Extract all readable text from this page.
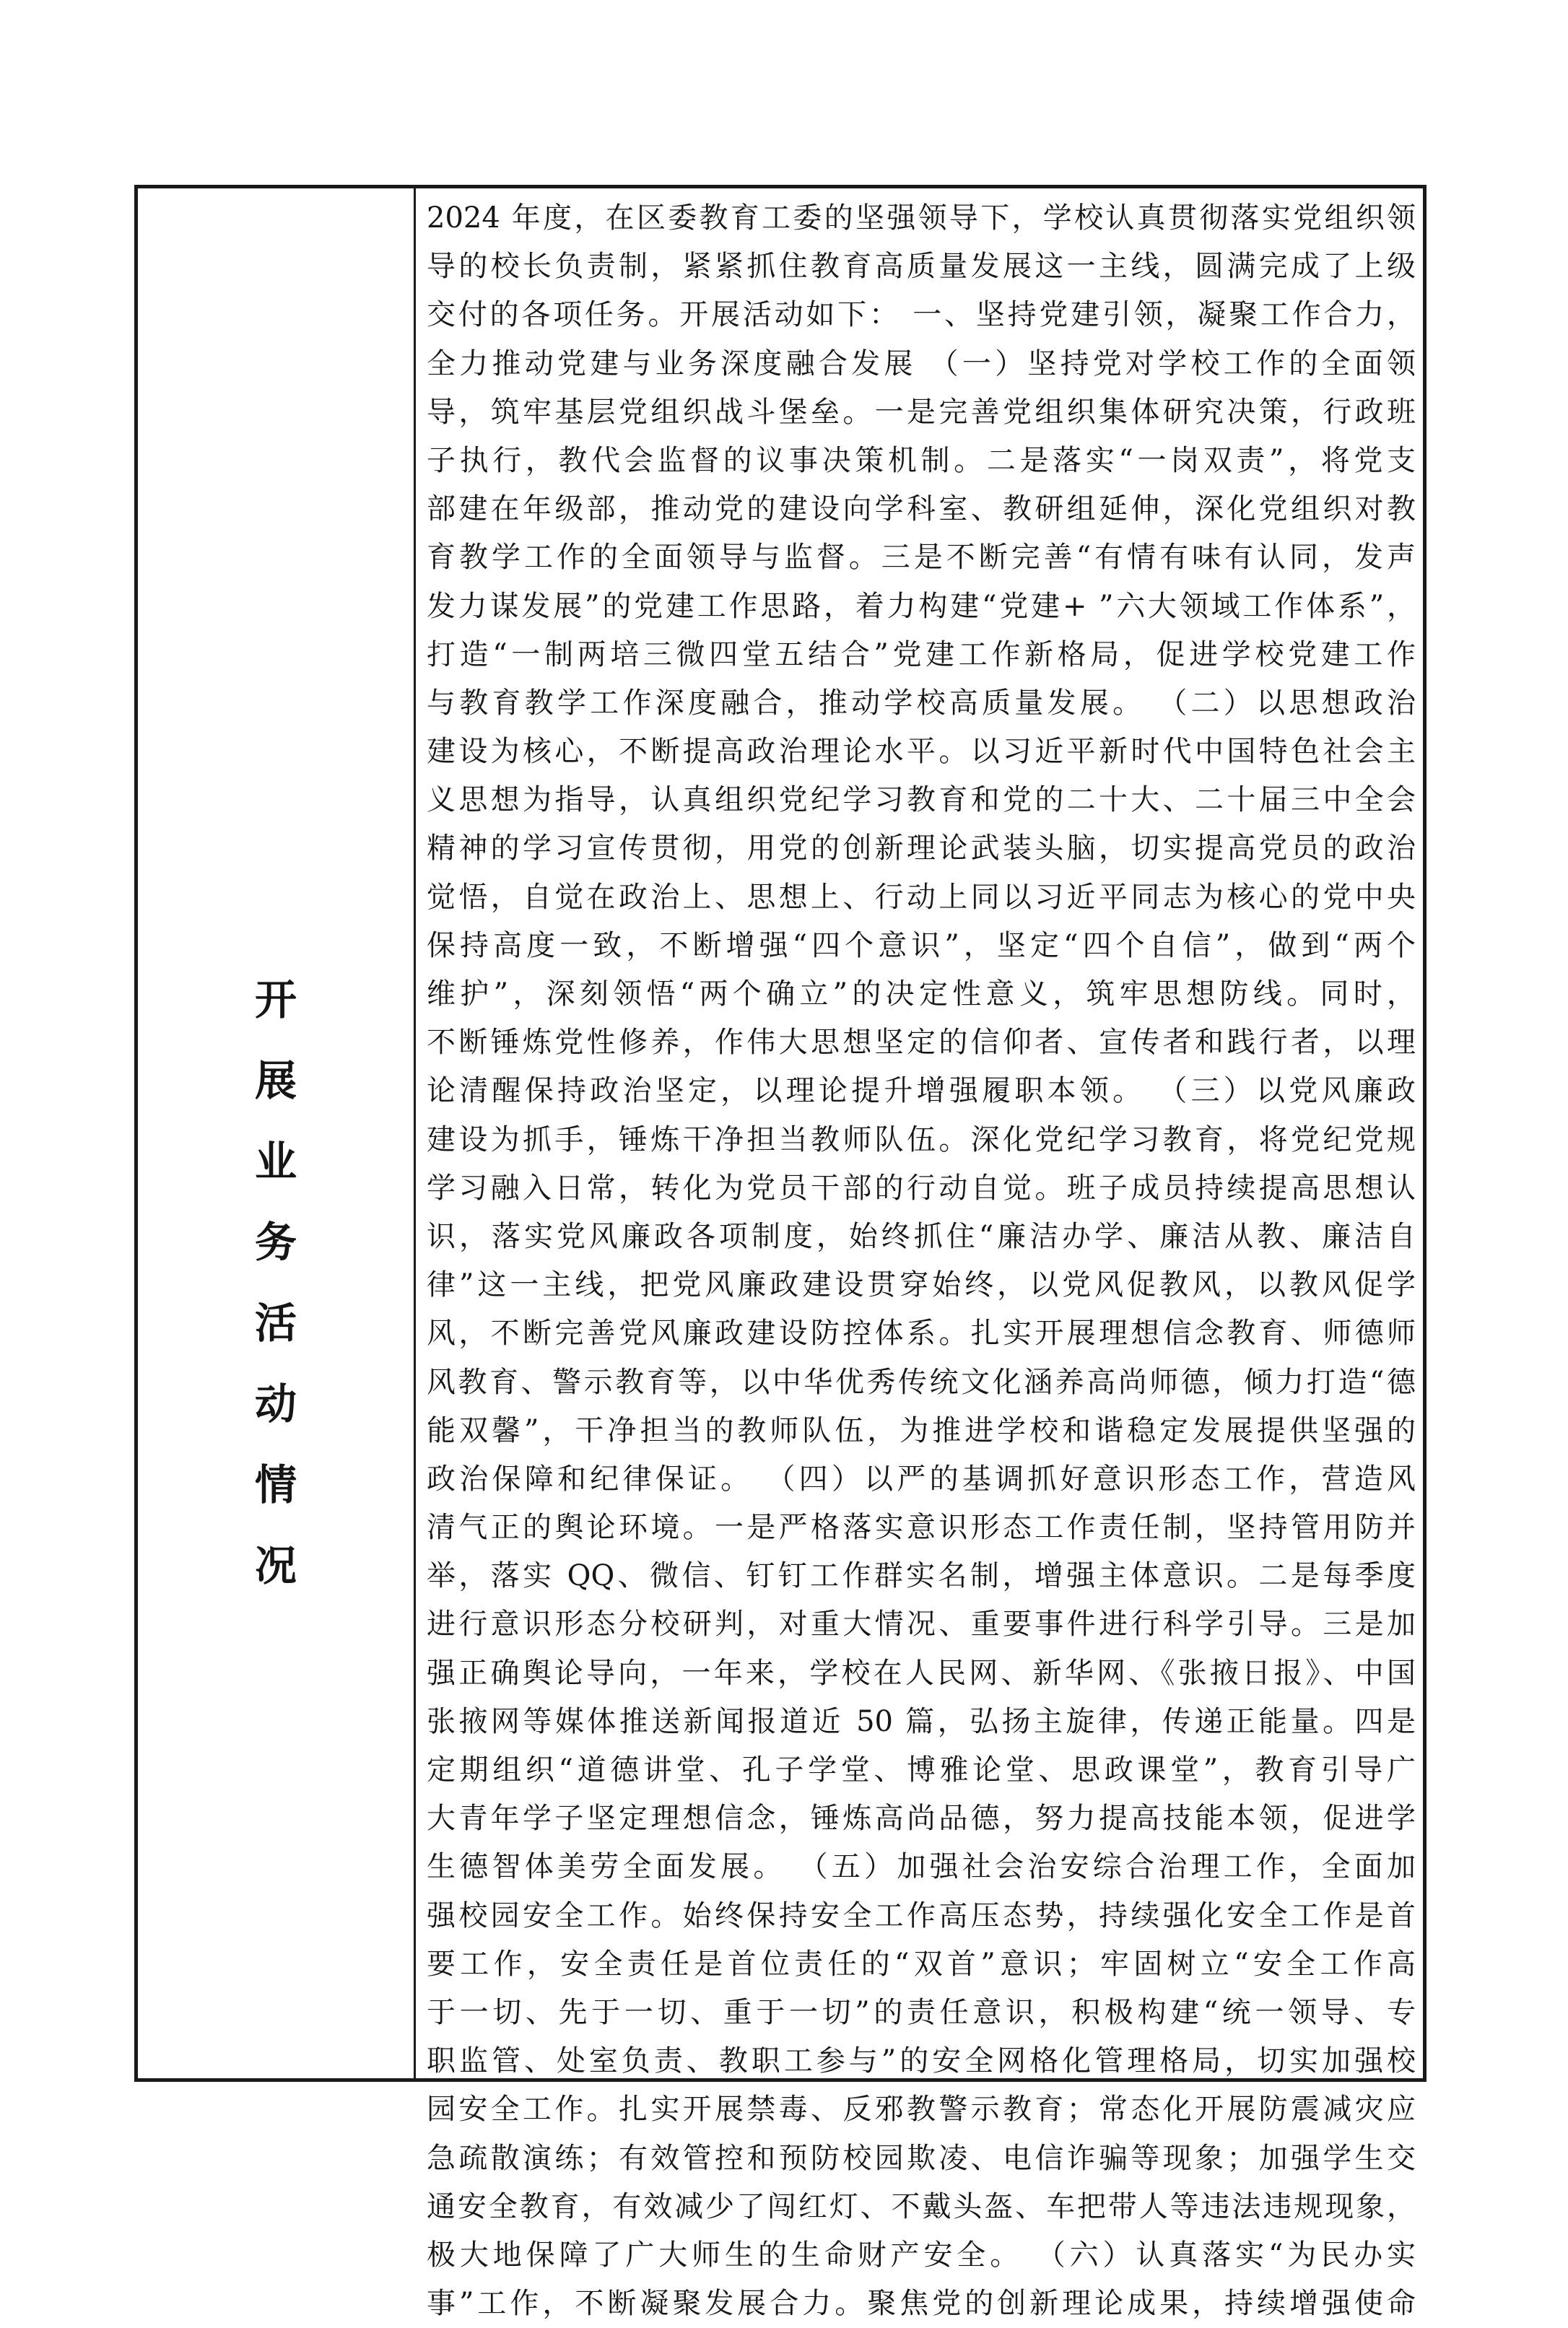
开
展
业
务
活
动
情
况
2024 年度，在区委教育工委的坚强领导下，学校认真贯彻落实党组织领
导的校长负责制，紧紧抓住教育高质量发展这一主线，圆满完成了上级
交付的各项任务。开展活动如下： 一、坚持党建引领，凝聚工作合力，
全力推动党建与业务深度融合发展 （一）坚持党对学校工作的全面领
导，筑牢基层党组织战斗堡垒。一是完善党组织集体研究决策，行政班
子执行，教代会监督的议事决策机制。二是落实“一岗双责”，将党支
部建在年级部，推动党的建设向学科室、教研组延伸，深化党组织对教
育教学工作的全面领导与监督。三是不断完善“有情有味有认同，发声
发力谋发展”的党建工作思路，着力构建“党建+ ”六大领域工作体系”，
打造“一制两培三微四堂五结合”党建工作新格局，促进学校党建工作
与教育教学工作深度融合，推动学校高质量发展。 （二）以思想政治
建设为核心，不断提高政治理论水平。以习近平新时代中国特色社会主
义思想为指导，认真组织党纪学习教育和党的二十大、二十届三中全会
精神的学习宣传贯彻，用党的创新理论武装头脑，切实提高党员的政治
觉悟，自觉在政治上、思想上、行动上同以习近平同志为核心的党中央
保持高度一致，不断增强“四个意识”，坚定“四个自信”，做到“两个
维护”，深刻领悟“两个确立”的决定性意义，筑牢思想防线。同时，
不断锤炼党性修养，作伟大思想坚定的信仰者、宣传者和践行者，以理
论清醒保持政治坚定，以理论提升增强履职本领。 （三）以党风廉政
建设为抓手，锤炼干净担当教师队伍。深化党纪学习教育，将党纪党规
学习融入日常，转化为党员干部的行动自觉。班子成员持续提高思想认
识，落实党风廉政各项制度，始终抓住“廉洁办学、廉洁从教、廉洁自
律”这一主线，把党风廉政建设贯穿始终，以党风促教风，以教风促学
风，不断完善党风廉政建设防控体系。扎实开展理想信念教育、师德师
风教育、警示教育等，以中华优秀传统文化涵养高尚师德，倾力打造“德
能双馨”，干净担当的教师队伍，为推进学校和谐稳定发展提供坚强的
政治保障和纪律保证。 （四）以严的基调抓好意识形态工作，营造风
清气正的舆论环境。一是严格落实意识形态工作责任制，坚持管用防并
举，落实 QQ、微信、钉钉工作群实名制，增强主体意识。二是每季度
进行意识形态分校研判，对重大情况、重要事件进行科学引导。三是加
强正确舆论导向，一年来，学校在人民网、新华网、《张掖日报》、中国
张掖网等媒体推送新闻报道近 50 篇，弘扬主旋律，传递正能量。四是
定期组织“道德讲堂、孔子学堂、博雅论堂、思政课堂”，教育引导广
大青年学子坚定理想信念，锤炼高尚品德，努力提高技能本领，促进学
生德智体美劳全面发展。 （五）加强社会治安综合治理工作，全面加
强校园安全工作。始终保持安全工作高压态势，持续强化安全工作是首
要工作，安全责任是首位责任的“双首”意识；牢固树立“安全工作高
于一切、先于一切、重于一切”的责任意识，积极构建“统一领导、专
职监管、处室负责、教职工参与”的安全网格化管理格局，切实加强校
园安全工作。扎实开展禁毒、反邪教警示教育；常态化开展防震减灾应
急疏散演练；有效管控和预防校园欺凌、电信诈骗等现象；加强学生交
通安全教育，有效减少了闯红灯、不戴头盔、车把带人等违法违规现象，
极大地保障了广大师生的生命财产安全。 （六）认真落实“为民办实
事”工作，不断凝聚发展合力。聚焦党的创新理论成果，持续增强使命
